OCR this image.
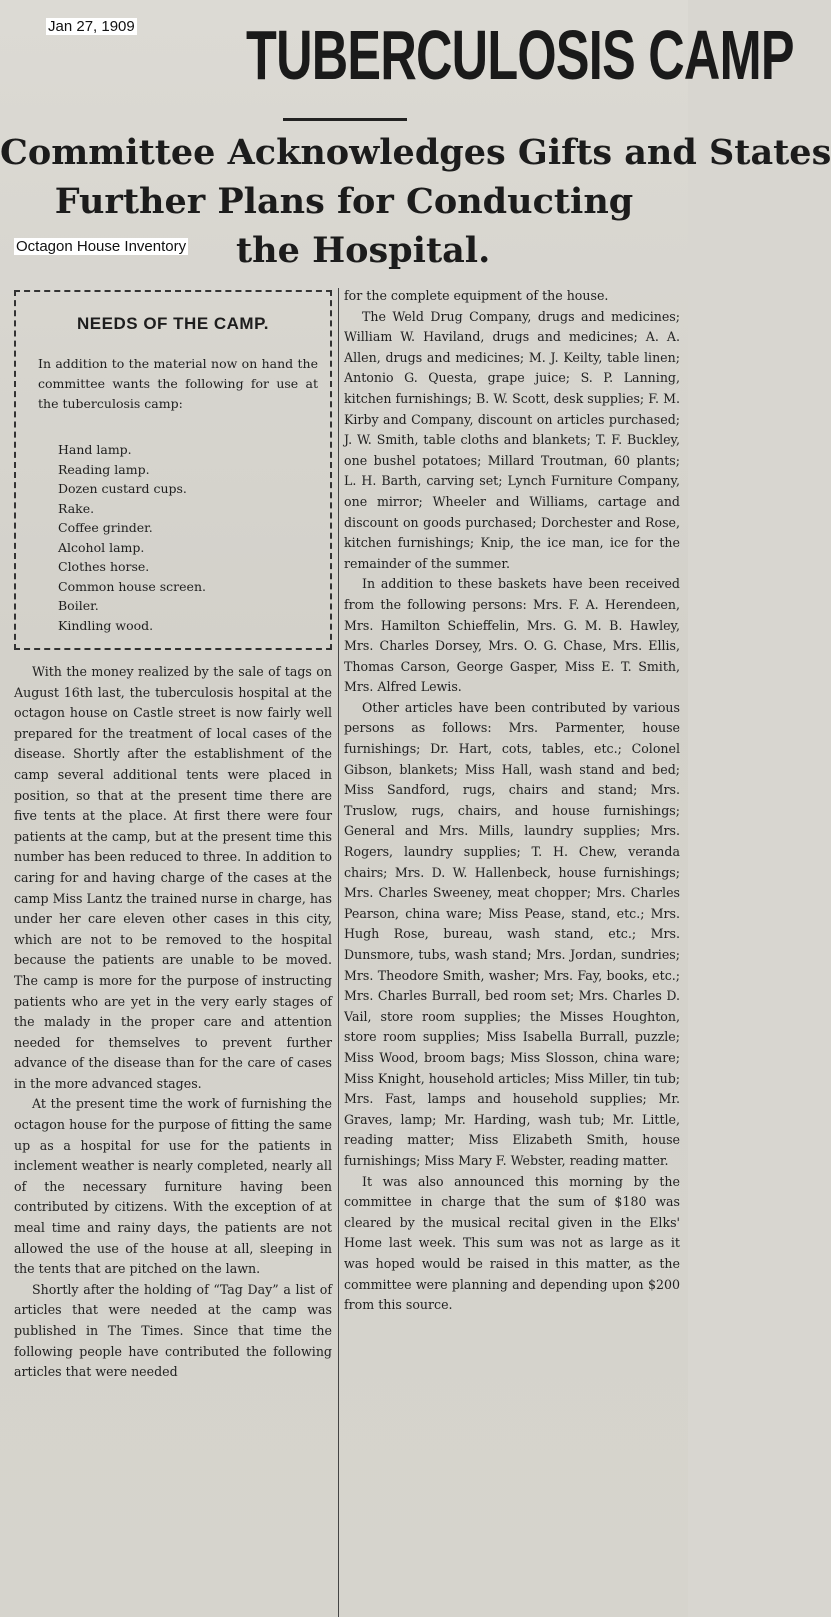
TUBERCULOSIS CAMP
Jan 27, 1909
Committee Acknowledges Gifts and States
Further Plans for Conducting
the Hospital.
Octagon House Inventory
NEEDS OF THE CAMP.
In addition to the material now on hand the committee wants the following for use at the tuberculosis camp:
Hand lamp.
Reading lamp.
Dozen custard cups.
Rake.
Coffee grinder.
Alcohol lamp.
Clothes horse.
Common house screen.
Boiler.
Kindling wood.

With the money realized by the sale of tags on August 16th last, the tuberculosis hospital at the octagon house on Castle street is now fairly well prepared for the treatment of local cases of the disease. Shortly after the establishment of the camp several additional tents were placed in position, so that at the present time there are five tents at the place. At first there were four patients at the camp, but at the present time this number has been reduced to three. In addition to caring for and having charge of the cases at the camp Miss Lantz the trained nurse in charge, has under her care eleven other cases in this city, which are not to be removed to the hospital because the patients are unable to be moved. The camp is more for the purpose of instructing patients who are yet in the very early stages of the malady in the proper care and attention needed for themselves to prevent further advance of the disease than for the care of cases in the more advanced stages.

At the present time the work of furnishing the octagon house for the purpose of fitting the same up as a hospital for use for the patients in inclement weather is nearly completed, nearly all of the necessary furniture having been contributed by citizens. With the exception of at meal time and rainy days, the patients are not allowed the use of the house at all, sleeping in the tents that are pitched on the lawn.

Shortly after the holding of “Tag Day” a list of articles that were needed at the camp was published in The Times. Since that time the following people have contributed the following articles that were needed

for the complete equipment of the house.

The Weld Drug Company, drugs and medicines; William W. Haviland, drugs and medicines; A. A. Allen, drugs and medicines; M. J. Keilty, table linen; Antonio G. Questa, grape juice; S. P. Lanning, kitchen furnishings; B. W. Scott, desk supplies; F. M. Kirby and Company, discount on articles purchased; J. W. Smith, table cloths and blankets; T. F. Buckley, one bushel potatoes; Millard Troutman, 60 plants; L. H. Barth, carving set; Lynch Furniture Company, one mirror; Wheeler and Williams, cartage and discount on goods purchased; Dorchester and Rose, kitchen furnishings; Knip, the ice man, ice for the remainder of the summer.

In addition to these baskets have been received from the following persons: Mrs. F. A. Herendeen, Mrs. Hamilton Schieffelin, Mrs. G. M. B. Hawley, Mrs. Charles Dorsey, Mrs. O. G. Chase, Mrs. Ellis, Thomas Carson, George Gasper, Miss E. T. Smith, Mrs. Alfred Lewis.

Other articles have been contributed by various persons as follows: Mrs. Parmenter, house furnishings; Dr. Hart, cots, tables, etc.; Colonel Gibson, blankets; Miss Hall, wash stand and bed; Miss Sandford, rugs, chairs and stand; Mrs. Truslow, rugs, chairs, and house furnishings; General and Mrs. Mills, laundry supplies; Mrs. Rogers, laundry supplies; T. H. Chew, veranda chairs; Mrs. D. W. Hallenbeck, house furnishings; Mrs. Charles Sweeney, meat chopper; Mrs. Charles Pearson, china ware; Miss Pease, stand, etc.; Mrs. Hugh Rose, bureau, wash stand, etc.; Mrs. Dunsmore, tubs, wash stand; Mrs. Jordan, sundries; Mrs. Theodore Smith, washer; Mrs. Fay, books, etc.; Mrs. Charles Burrall, bed room set; Mrs. Charles D. Vail, store room supplies; the Misses Houghton, store room supplies; Miss Isabella Burrall, puzzle; Miss Wood, broom bags; Miss Slosson, china ware; Miss Knight, household articles; Miss Miller, tin tub; Mrs. Fast, lamps and household supplies; Mr. Graves, lamp; Mr. Harding, wash tub; Mr. Little, reading matter; Miss Elizabeth Smith, house furnishings; Miss Mary F. Webster, reading matter.

It was also announced this morning by the committee in charge that the sum of $180 was cleared by the musical recital given in the Elks' Home last week. This sum was not as large as it was hoped would be raised in this matter, as the committee were planning and depending upon $200 from this source.
